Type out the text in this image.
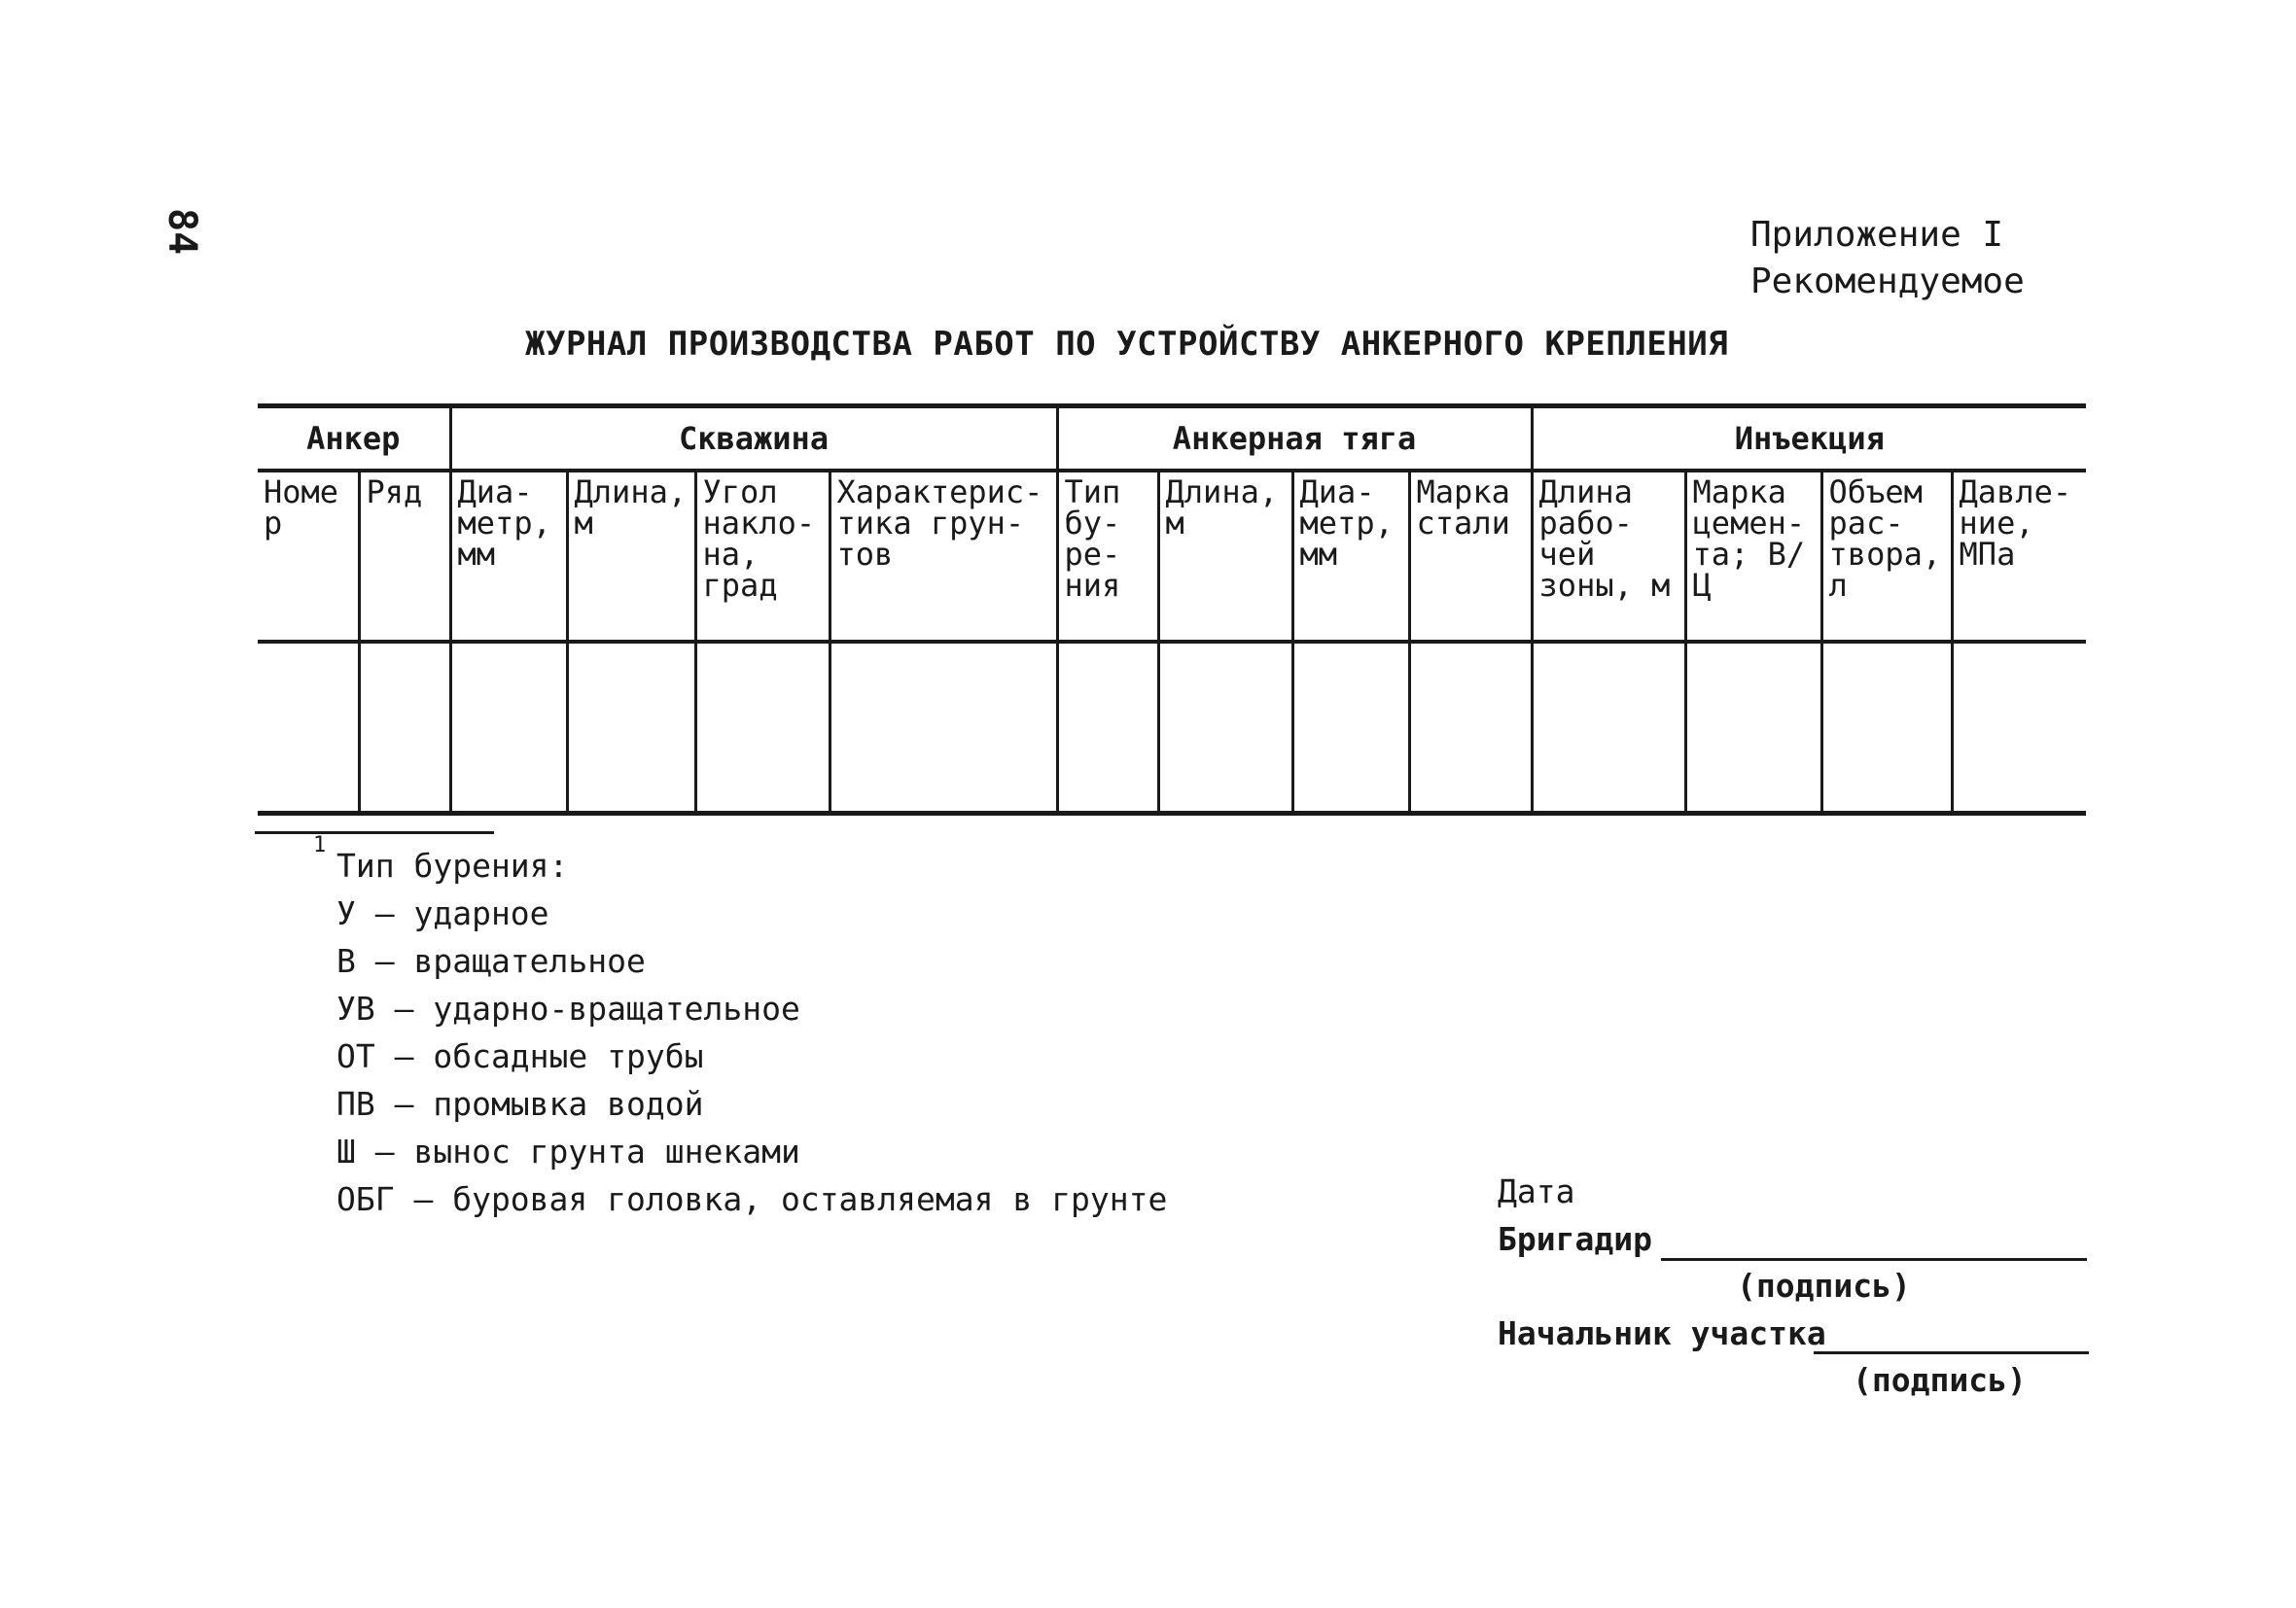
84	Приложение I
Рекомендуемое
ЖУРНАЛ ПРОИЗВОДСТВА РАБОТ ПО УСТРОЙСТВУ АНКЕРНОГО КРЕПЛЕНИЯ
Анкер		Скважина				Анкерная тяга				Инъекция			
Номер	Ряд	Диа-метр, мм	Длина, м	Угол накло-на, град	Характерис-тика грун-тов	Тип бу-ре-ния	Длина, м	Диа-метр, мм	Марка стали	Длина рабо-чей зоны, м	Марка цемен-та; В/Ц	Объем рас-твора, л	Давле-ние, МПа

1
Тип бурения:
У – ударное
В – вращательное
УВ – ударно-вращательное
ОТ – обсадные трубы
ПВ – промывка водой
Ш – вынос грунта шнеками
ОБГ – буровая головка, оставляемая в грунте	Дата
Бригадир
(подпись)
Начальник участка
(подпись)
